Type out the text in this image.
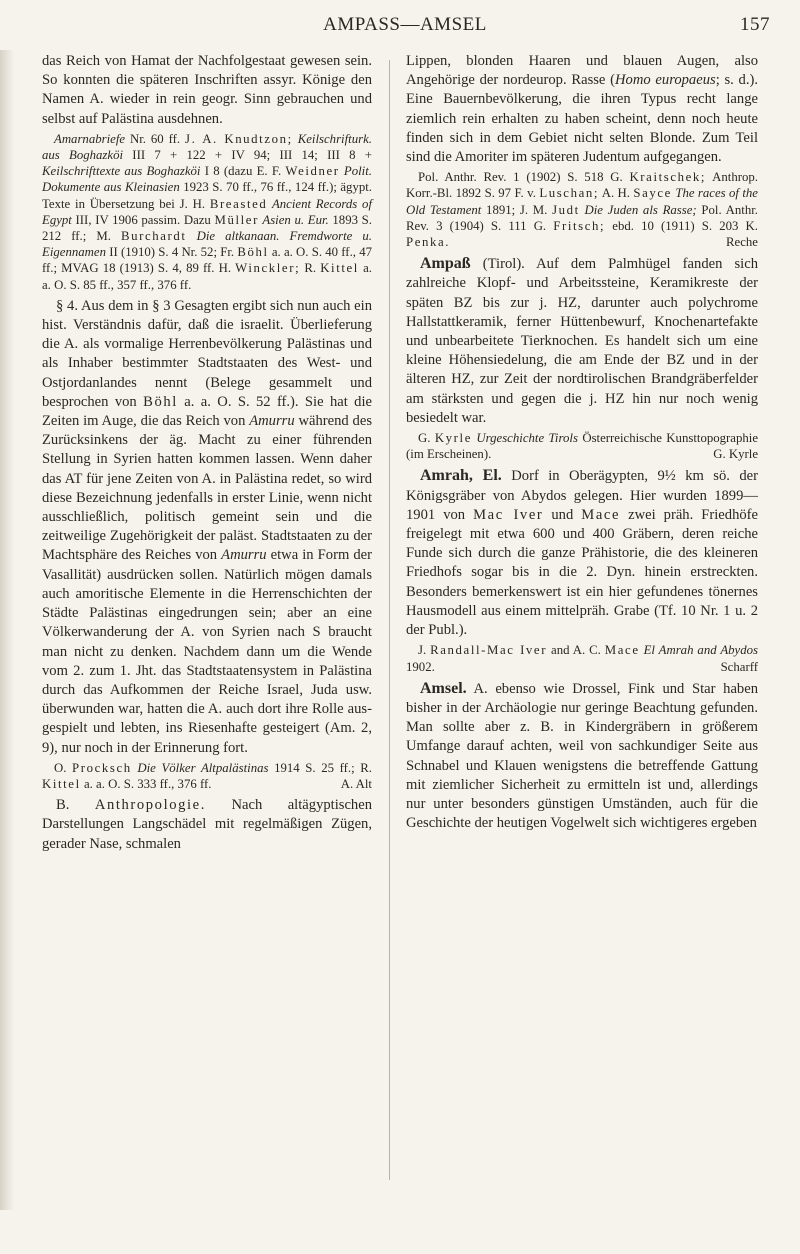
AMPASS—AMSEL	157

das Reich von Hamat der Nachfolgestaat gewesen sein. So konnten die späteren Inschriften assyr. Könige den Namen A. wieder in rein geogr. Sinn gebrauchen und selbst auf Palästina ausdehnen.

Amarnabriefe Nr. 60 ff. J. A. Knudtzon; Keilschrifturk. aus Boghazköi III 7 + 122 + IV 94; III 14; III 8 + Keilschrifttexte aus Boghazköi I 8 (dazu E. F. Weidner Polit. Dokumente aus Kleinasien 1923 S. 70 ff., 76 ff., 124 ff.); ägypt. Texte in Übersetzung bei J. H. Breasted Ancient Records of Egypt III, IV 1906 passim. Dazu Müller Asien u. Eur. 1893 S. 212 ff.; M. Burchardt Die altkanaan. Fremdworte u. Eigennamen II (1910) S. 4 Nr. 52; Fr. Böhl a. a. O. S. 40 ff., 47 ff.; MVAG 18 (1913) S. 4, 89 ff. H. Winckler; R. Kittel a. a. O. S. 85 ff., 357 ff., 376 ff.

§ 4. Aus dem in § 3 Gesagten ergibt sich nun auch ein hist. Verständnis dafür, daß die israelit. Überlieferung die A. als vormalige Herrenbevölkerung Palästinas und als Inhaber bestimmter Stadtstaaten des West- und Ostjordanlandes nennt (Belege gesammelt und besprochen von Böhl a. a. O. S. 52 ff.). Sie hat die Zeiten im Auge, die das Reich von Amurru während des Zurücksinkens der äg. Macht zu einer führenden Stellung in Syrien hatten kommen lassen. Wenn daher das AT für jene Zeiten von A. in Palästina redet, so wird diese Bezeichnung jedenfalls in erster Linie, wenn nicht ausschließlich, politisch gemeint sein und die zeitweilige Zugehörigkeit der paläst. Stadtstaaten zu der Machtsphäre des Reiches von Amurru etwa in Form der Vasallität) ausdrücken sollen. Natürlich mögen damals auch amoritische Elemente in die Herrenschichten der Städte Palästinas eingedrungen sein; aber an eine Völkerwanderung der A. von Syrien nach S braucht man nicht zu denken. Nachdem dann um die Wende vom 2. zum 1. Jht. das Stadtstaatensystem in Palästina durch das Aufkommen der Reiche Israel, Juda usw. überwunden war, hatten die A. auch dort ihre Rolle ausgespielt und lebten, ins Riesenhafte gesteigert (Am. 2, 9), nur noch in der Erinnerung fort.

O. Procksch Die Völker Altpalästinas 1914 S. 25 ff.; R. Kittel a. a. O. S. 333 ff., 376 ff.	A. Alt

B. Anthropologie. Nach altägyptischen Darstellungen Langschädel mit regelmäßigen Zügen, gerader Nase, schmalen

Lippen, blonden Haaren und blauen Augen, also Angehörige der nordeurop. Rasse (Homo europaeus; s. d.). Eine Bauernbevölkerung, die ihren Typus recht lange ziemlich rein erhalten zu haben scheint, denn noch heute finden sich in dem Gebiet nicht selten Blonde. Zum Teil sind die Amoriter im späteren Judentum aufgegangen.

Pol. Anthr. Rev. 1 (1902) S. 518 G. Kraitschek; Anthrop. Korr.-Bl. 1892 S. 97 F. v. Luschan; A. H. Sayce The races of the Old Testament 1891; J. M. Judt Die Juden als Rasse; Pol. Anthr. Rev. 3 (1904) S. 111 G. Fritsch; ebd. 10 (1911) S. 203 K. Penka.	Reche

Ampaß (Tirol). Auf dem Palmhügel fanden sich zahlreiche Klopf- und Arbeitssteine, Keramikreste der späten BZ bis zur j. HZ, darunter auch polychrome Hallstattkeramik, ferner Hüttenbewurf, Knochenartefakte und unbearbeitete Tierknochen. Es handelt sich um eine kleine Höhensiedelung, die am Ende der BZ und in der älteren HZ, zur Zeit der nordtirolischen Brandgräberfelder am stärksten und gegen die j. HZ hin nur noch wenig besiedelt war.

G. Kyrle Urgeschichte Tirols Österreichische Kunsttopographie (im Erscheinen).	G. Kyrle

Amrah, El. Dorf in Oberägypten, 9½ km sö. der Königsgräber von Abydos gelegen. Hier wurden 1899—1901 von Mac Iver und Mace zwei präh. Friedhöfe freigelegt mit etwa 600 und 400 Gräbern, deren reiche Funde sich durch die ganze Prähistorie, die des kleineren Friedhofs sogar bis in die 2. Dyn. hinein erstreckten. Besonders bemerkenswert ist ein hier gefundenes tönernes Hausmodell aus einem mittelpräh. Grabe (Tf. 10 Nr. 1 u. 2 der Publ.).

J. Randall-Mac Iver and A. C. Mace El Amrah and Abydos 1902.	Scharff

Amsel. A. ebenso wie Drossel, Fink und Star haben bisher in der Archäologie nur geringe Beachtung gefunden. Man sollte aber z. B. in Kindergräbern in größerem Umfange darauf achten, weil von sachkundiger Seite aus Schnabel und Klauen wenigstens die betreffende Gattung mit ziemlicher Sicherheit zu ermitteln ist und, allerdings nur unter besonders günstigen Umständen, auch für die Geschichte der heutigen Vogelwelt sich wichtigeres ergeben
